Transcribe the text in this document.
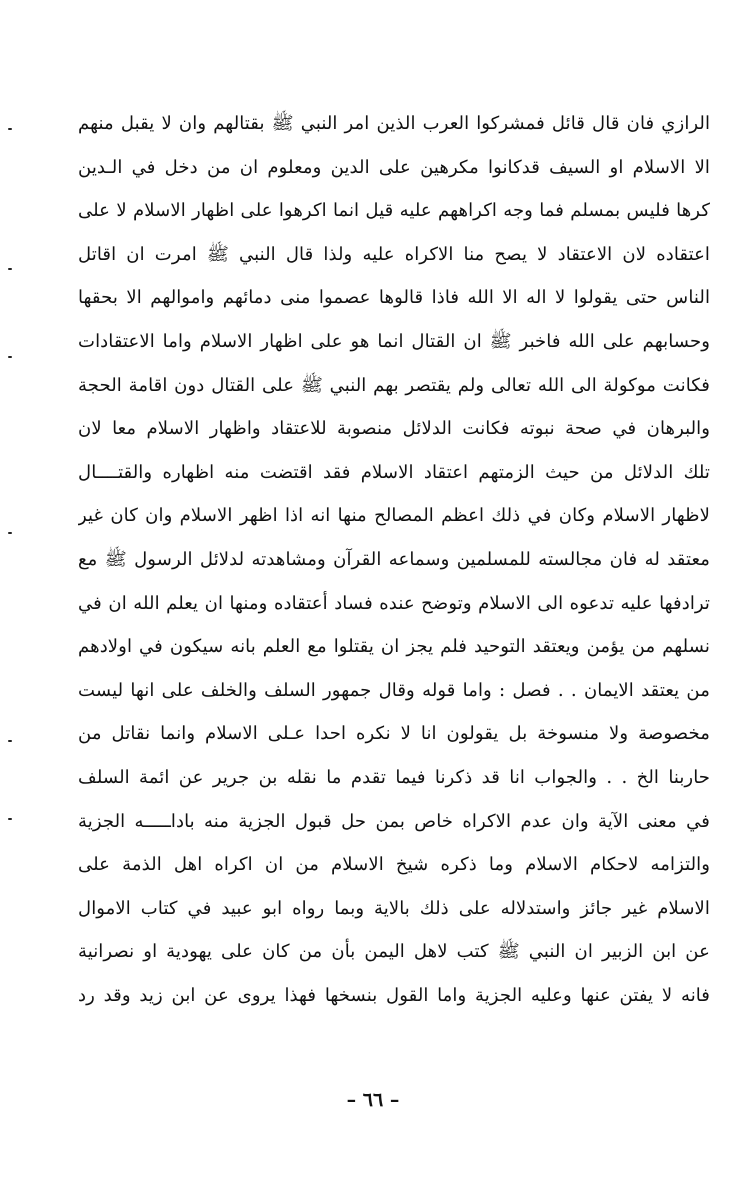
الرازي فان قال قائل فمشركوا العرب الذين امر النبي ﷺ بقتالهم وان لا يقبل منهم
الا الاسلام او السيف قدكانوا مكرهين على الدين ومعلوم ان من دخل في الـدين
كرها فليس بمسلم فما وجه اكراههم عليه قيل انما اكرهوا على اظهار الاسلام لا على
اعتقاده لان الاعتقاد لا يصح منا الاكراه عليه ولذا قال النبي ﷺ امرت ان اقاتل
الناس حتى يقولوا لا اله الا الله فاذا قالوها عصموا منى دمائهم واموالهم الا بحقها
وحسابهم على الله فاخبر ﷺ ان القتال انما هو على اظهار الاسلام واما الاعتقادات
فكانت موكولة الى الله تعالى ولم يقتصر بهم النبي ﷺ على القتال دون اقامة الحجة
والبرهان في صحة نبوته فكانت الدلائل منصوبة للاعتقاد واظهار الاسلام معا لان
تلك الدلائل من حيث الزمتهم اعتقاد الاسلام فقد اقتضت منه اظهاره والقتــــال
لاظهار الاسلام وكان في ذلك اعظم المصالح منها انه اذا اظهر الاسلام وان كان غير
معتقد له فان مجالسته للمسلمين وسماعه القرآن ومشاهدته لدلائل الرسول ﷺ مع
ترادفها عليه تدعوه الى الاسلام وتوضح عنده فساد أعتقاده ومنها ان يعلم الله ان في
نسلهم من يؤمن ويعتقد التوحيد فلم يجز ان يقتلوا مع العلم بانه سيكون في اولادهم
من يعتقد الايمان . . فصل : واما قوله وقال جمهور السلف والخلف على انها ليست
مخصوصة ولا منسوخة بل يقولون انا لا نكره احدا عـلى الاسلام وانما نقاتل من
حاربنا الخ . . والجواب انا قد ذكرنا فيما تقدم ما نقله بن جرير عن ائمة السلف
في معنى الآية وان عدم الاكراه خاص بمن حل قبول الجزية منه باداـــــه الجزية
والتزامه لاحكام الاسلام وما ذكره شيخ الاسلام من ان اكراه اهل الذمة على
الاسلام غير جائز واستدلاله على ذلك بالاية وبما رواه ابو عبيد في كتاب الاموال
عن ابن الزبير ان النبي ﷺ كتب لاهل اليمن بأن من كان على يهودية او نصرانية
فانه لا يفتن عنها وعليه الجزية واما القول بنسخها فهذا يروى عن ابن زيد وقد رد
– ٦٦ –
